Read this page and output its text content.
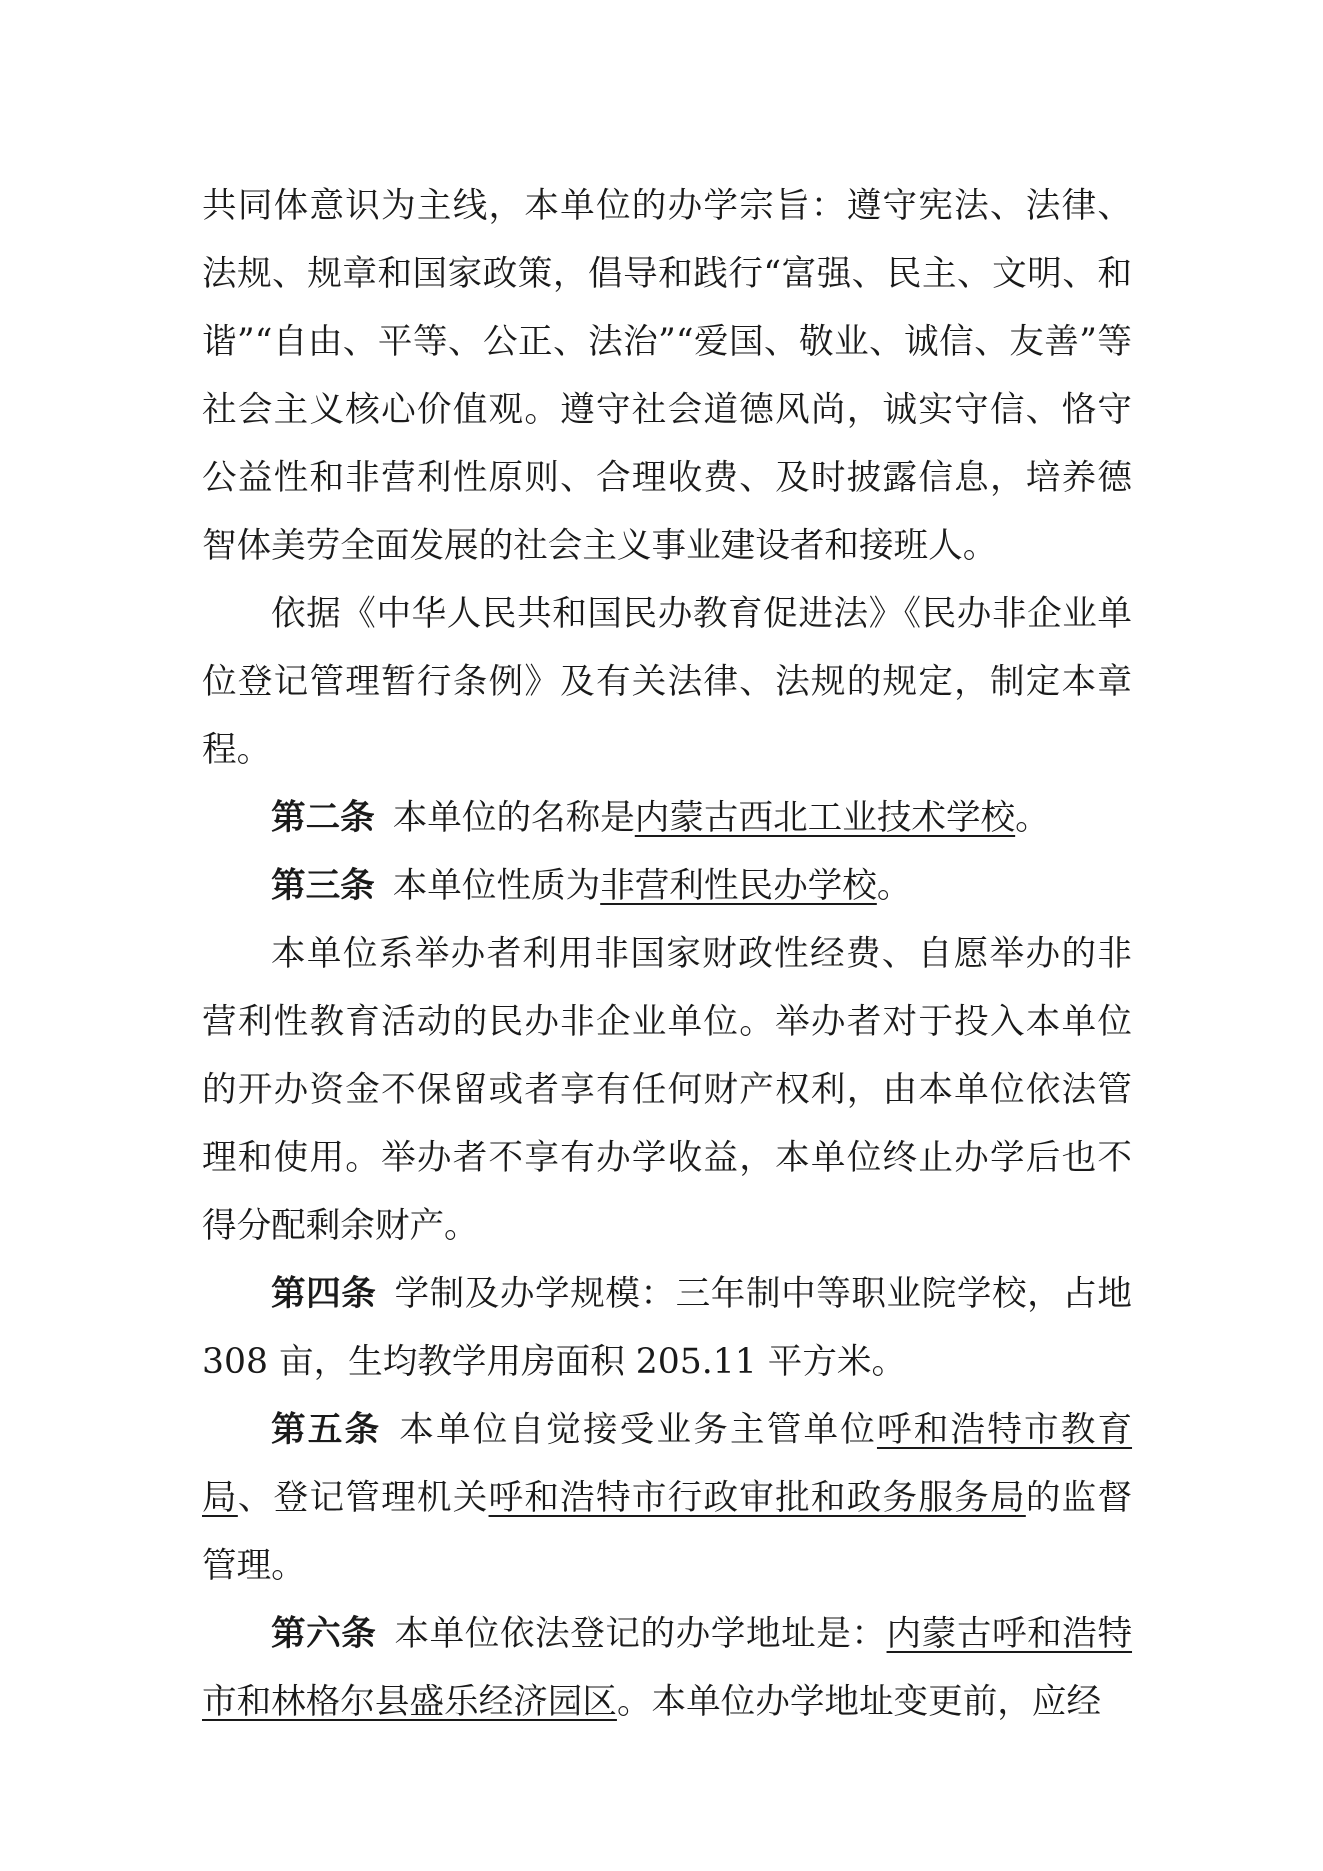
共同体意识为主线，本单位的办学宗旨：遵守宪法、法律、法规、规章和国家政策，倡导和践行“富强、民主、文明、和谐”“自由、平等、公正、法治”“爱国、敬业、诚信、友善”等社会主义核心价值观。遵守社会道德风尚，诚实守信、恪守公益性和非营利性原则、合理收费、及时披露信息，培养德智体美劳全面发展的社会主义事业建设者和接班人。

依据《中华人民共和国民办教育促进法》《民办非企业单位登记管理暂行条例》及有关法律、法规的规定，制定本章程。

第二条 本单位的名称是内蒙古西北工业技术学校。

第三条 本单位性质为非营利性民办学校。

本单位系举办者利用非国家财政性经费、自愿举办的非营利性教育活动的民办非企业单位。举办者对于投入本单位的开办资金不保留或者享有任何财产权利，由本单位依法管理和使用。举办者不享有办学收益，本单位终止办学后也不得分配剩余财产。

第四条 学制及办学规模：三年制中等职业院学校，占地 308 亩，生均教学用房面积 205.11 平方米。

第五条 本单位自觉接受业务主管单位呼和浩特市教育局、登记管理机关呼和浩特市行政审批和政务服务局的监督管理。

第六条 本单位依法登记的办学地址是：内蒙古呼和浩特市和林格尔县盛乐经济园区。本单位办学地址变更前，应经
